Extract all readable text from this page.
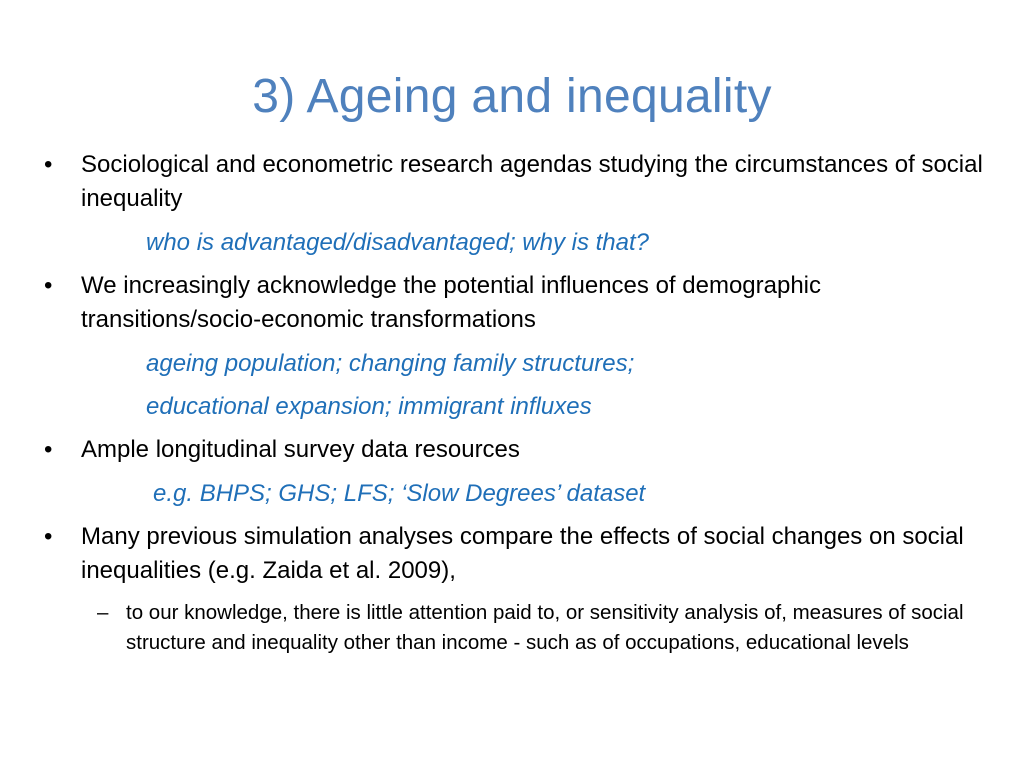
3) Ageing and inequality
•	Sociological and econometric research agendas studying the circumstances of social inequality
who is advantaged/disadvantaged; why is that?
•	We increasingly acknowledge the potential influences of demographic transitions/socio-economic transformations
ageing population; changing family structures;
educational expansion; immigrant influxes
•	Ample longitudinal survey data resources
e.g. BHPS; GHS; LFS; ‘Slow Degrees’ dataset
•	Many previous simulation analyses compare the effects of social changes on social inequalities (e.g. Zaida et al. 2009),
– to our knowledge, there is little attention paid to, or sensitivity analysis of, measures of social structure and inequality other than income - such as of occupations, educational levels
